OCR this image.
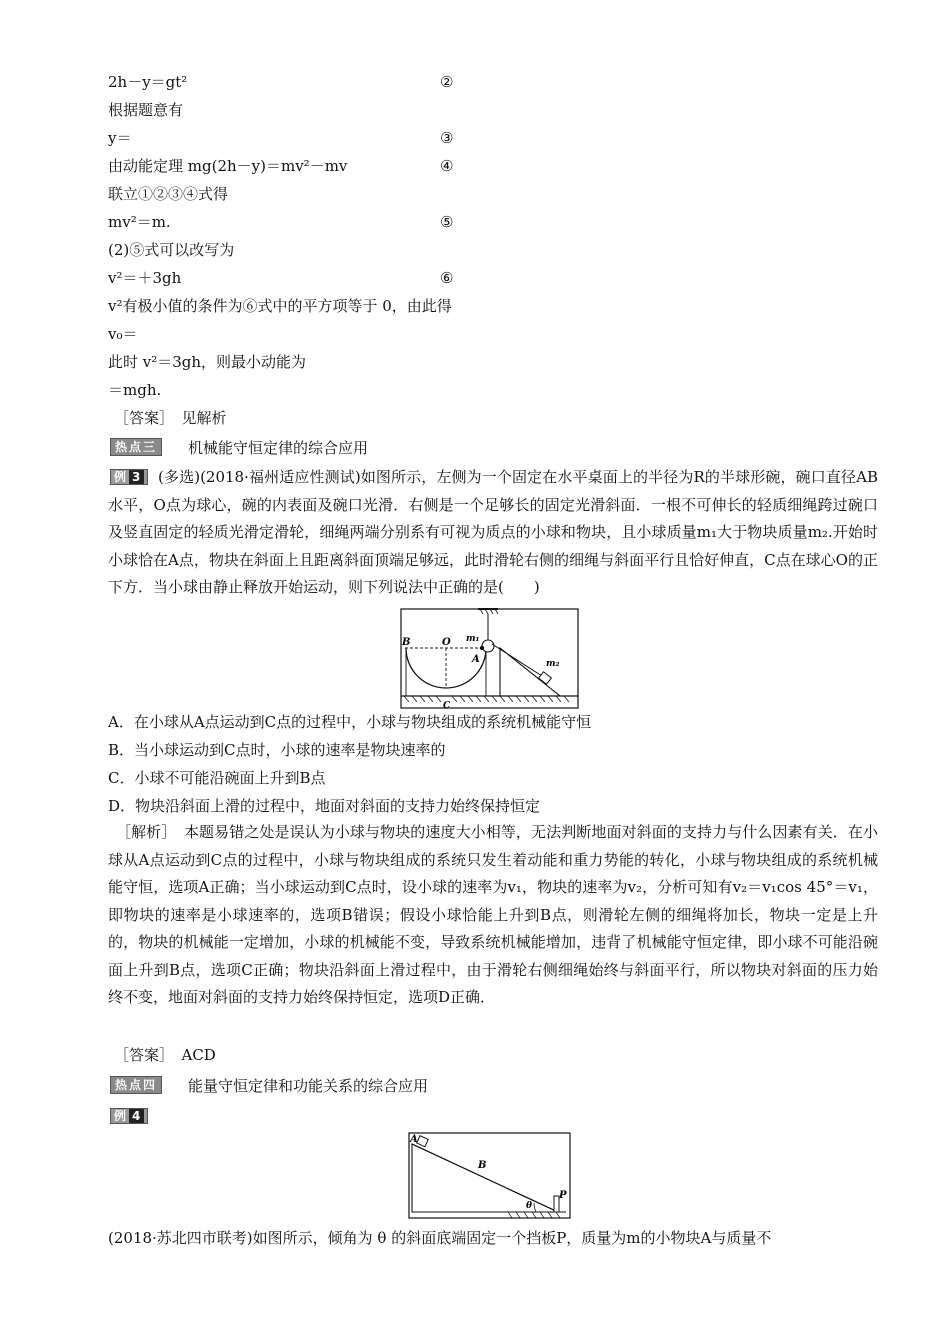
2h－y＝gt²	②
根据题意有
y＝	③
由动能定理 mg(2h－y)＝mv²－mv	④
联立①②③④式得
mv²＝m.	⑤
(2)⑤式可以改写为
v²＝＋3gh	⑥
v²有极小值的条件为⑥式中的平方项等于 0，由此得
v₀＝
此时 v²＝3gh，则最小动能为
＝mgh.
［答案］　见解析
热点三	机械能守恒定律的综合应用
例 3	(多选)(2018·福州适应性测试)如图所示，左侧为一个固定在水平桌面上的半径为R的半球形碗，碗口直径AB水平，O点为球心，碗的内表面及碗口光滑．右侧是一个足够长的固定光滑斜面．一根不可伸长的轻质细绳跨过碗口及竖直固定的轻质光滑定滑轮，细绳两端分别系有可视为质点的小球和物块，且小球质量m₁大于物块质量m₂.开始时小球恰在A点，物块在斜面上且距离斜面顶端足够远，此时滑轮右侧的细绳与斜面平行且恰好伸直，C点在球心O的正下方．当小球由静止释放开始运动，则下列说法中正确的是(　　)
B	O m₁
A
C
m₂
A．在小球从A点运动到C点的过程中，小球与物块组成的系统机械能守恒
B．当小球运动到C点时，小球的速率是物块速率的
C．小球不可能沿碗面上升到B点
D．物块沿斜面上滑的过程中，地面对斜面的支持力始终保持恒定
［解析］　本题易错之处是误认为小球与物块的速度大小相等，无法判断地面对斜面的支持力与什么因素有关．在小球从A点运动到C点的过程中，小球与物块组成的系统只发生着动能和重力势能的转化，小球与物块组成的系统机械能守恒，选项A正确；当小球运动到C点时，设小球的速率为v₁，物块的速率为v₂，分析可知有v₂＝v₁cos 45°＝v₁，即物块的速率是小球速率的，选项B错误；假设小球恰能上升到B点，则滑轮左侧的细绳将加长，物块一定是上升的，物块的机械能一定增加，小球的机械能不变，导致系统机械能增加，违背了机械能守恒定律，即小球不可能沿碗面上升到B点，选项C正确；物块沿斜面上滑过程中，由于滑轮右侧细绳始终与斜面平行，所以物块对斜面的压力始终不变，地面对斜面的支持力始终保持恒定，选项D正确．
［答案］　ACD
热点四	能量守恒定律和功能关系的综合应用
例 4
A
B
θ
P
(2018·苏北四市联考)如图所示，倾角为 θ 的斜面底端固定一个挡板P，质量为m的小物块A与质量不
